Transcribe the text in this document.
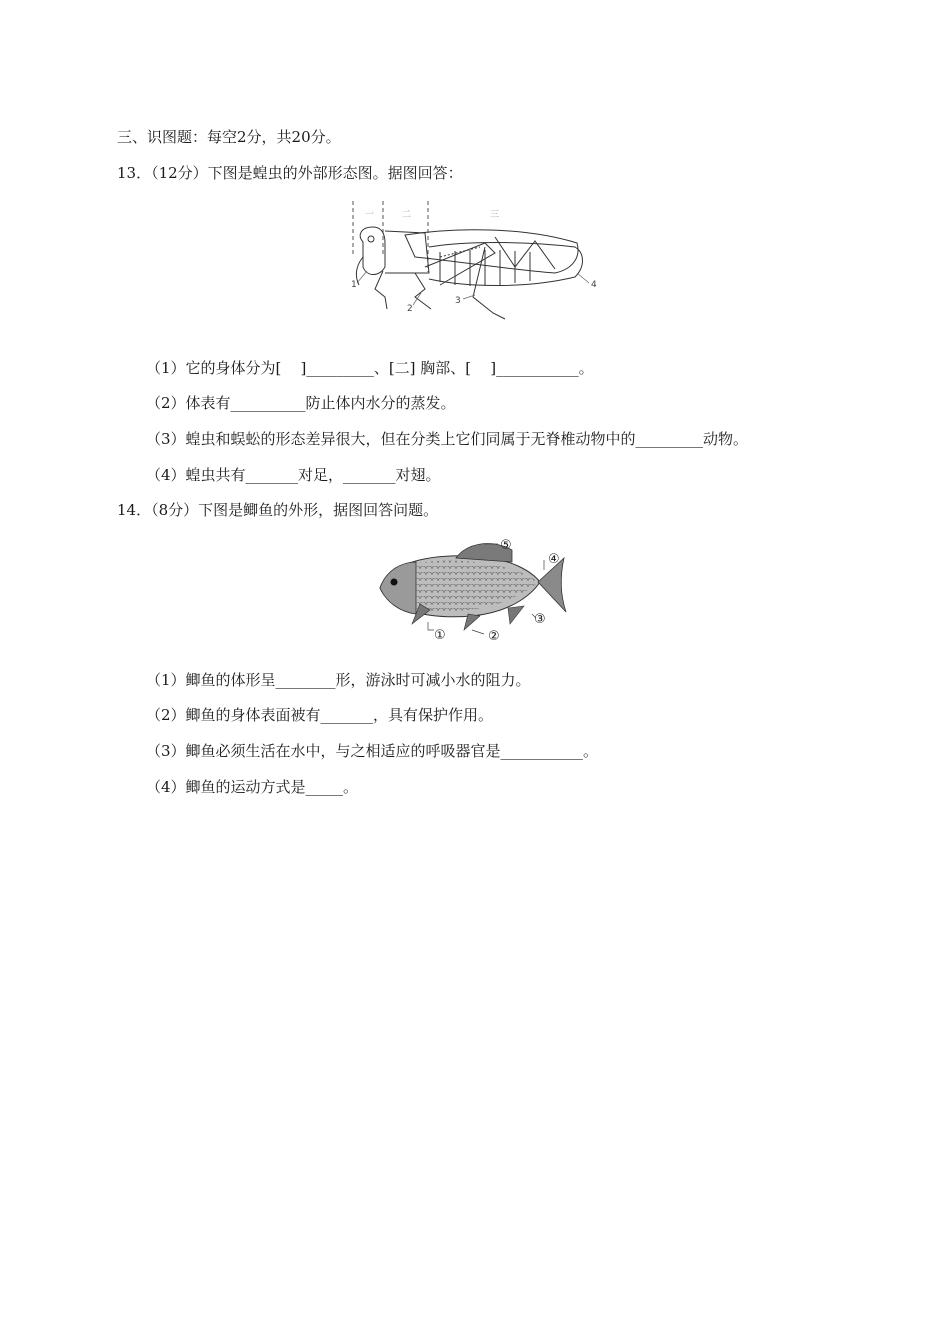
三、识图题：每空2分，共20分。
13．（12分）下图是蝗虫的外部形态图。据图回答：
一	二	三
1
2
3
4
（1）它的身体分为[    ]_________、[二] 胸部、[    ]___________。
（2）体表有__________防止体内水分的蒸发。
（3）蝗虫和蜈蚣的形态差异很大，但在分类上它们同属于无脊椎动物中的_________动物。
（4）蝗虫共有_______对足，_______对翅。
14．（8分）下图是鲫鱼的外形，据图回答问题。
⑤
④
③
①	②
（1）鲫鱼的体形呈________形，游泳时可减小水的阻力。
（2）鲫鱼的身体表面被有_______，具有保护作用。
（3）鲫鱼必须生活在水中，与之相适应的呼吸器官是___________。
（4）鲫鱼的运动方式是_____。
